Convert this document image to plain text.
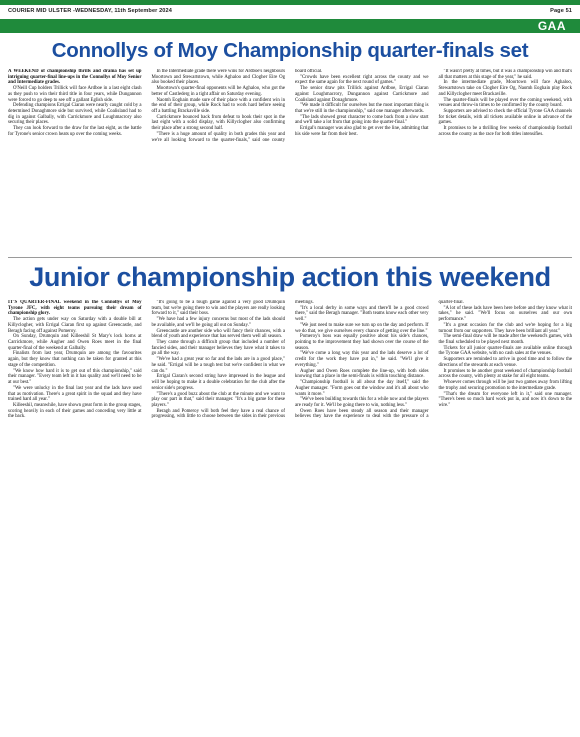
COURIER MID ULSTER -WEDNESDAY, 11th September 2024	Page 51
GAA
Connollys of Moy Championship quarter-finals set

A WEEKEND of championship thrills and drama has set up intriguing quarter-final line-ups in the Connollys of Moy Senior and Intermediate grades.

O'Neill Cup holders Trillick will face Ardboe in a last eight clash as they push to win their third title in four years, while Dungannon were forced to go deep to see off a gallant Eglish side.

Defending champions Errigal Ciaran were nearly caught cold by a determined Donaghmore side but survived, while Coalisland had to dig in against Galbally, with Carrickmore and Loughmacrory also securing their places.

They can look forward to the draw for the last eight, as the battle for Tyrone's senior crown heats up over the coming weeks.

In the Intermediate grade there were wins for Ardboe's neighbours Moortown and Stewartstown, while Aghaloo and Clogher Eire Og also booked their places.

Moortown's quarter-final opponents will be Aghaloo, who got the better of Castlederg in a tight affair on Saturday evening.

Naomh Eoghain made sure of their place with a confident win in the end of their group, while Rock had to work hard before seeing off a battling Brackaville side.

Carrickmore bounced back from defeat to book their spot in the last eight with a solid display, with Killyclogher also confirming their place after a strong second half.

"There is a huge amount of quality in both grades this year and we're all looking forward to the quarter-finals," said one county board official.

"Crowds have been excellent right across the county and we expect the same again for the next round of games."

The senior draw pits Trillick against Ardboe, Errigal Ciaran against Loughmacrory, Dungannon against Carrickmore and Coalisland against Donaghmore.

"We made it difficult for ourselves but the most important thing is that we're still in the championship," said one manager afterwards.

"The lads showed great character to come back from a slow start and we'll take a lot from that going into the quarter-final."

Errigal's manager was also glad to get over the line, admitting that his side were far from their best.

"It wasn't pretty at times, but it was a championship win and that's all that matters at this stage of the year," he said.

In the intermediate grade, Moortown will face Aghaloo, Stewartstown take on Clogher Eire Og, Naomh Eoghain play Rock and Killyclogher meet Brackaville.

The quarter-finals will be played over the coming weekend, with venues and throw-in times to be confirmed by the county board.

Supporters are advised to check the official Tyrone GAA channels for ticket details, with all tickets available online in advance of the games.

It promises to be a thrilling few weeks of championship football across the county as the race for both titles intensifies.

Junior championship action this weekend

IT'S QUARTER-FINAL weekend in the Connollys of Moy Tyrone JFC, with eight teams pursuing their dream of championship glory.

The action gets under way on Saturday with a double bill at Killyclogher, with Errigal Ciaran first up against Greencastle, and Beragh facing off against Pomeroy.

On Sunday, Drumquin and Killeeshil St Mary's lock horns at Carrickmore, while Augher and Owen Roes meet in the final quarter-final of the weekend at Galbally.

Finalists from last year, Drumquin are among the favourites again, but they know that nothing can be taken for granted at this stage of the competition.

"We know how hard it is to get out of this championship," said their manager. "Every team left in it has quality and we'll need to be at our best."

"We were unlucky in the final last year and the lads have used that as motivation. There's a great spirit in the squad and they have trained hard all year."

Killeeshil, meanwhile, have shown great form in the group stages, scoring heavily in each of their games and conceding very little at the back.

"It's going to be a tough game against a very good Drumquin team, but we're going there to win and the players are really looking forward to it," said their boss.

"We have had a few injury concerns but most of the lads should be available, and we'll be going all out on Sunday."

Greencastle are another side who will fancy their chances, with a blend of youth and experience that has served them well all season.

They came through a difficult group that included a number of fancied sides, and their manager believes they have what it takes to go all the way.

"We've had a great year so far and the lads are in a good place," he said. "Errigal will be a tough test but we're confident in what we can do."

Errigal Ciaran's second string have impressed in the league and will be hoping to make it a double celebration for the club after the senior side's progress.

"There's a good buzz about the club at the minute and we want to play our part in that," said their manager. "It's a big game for these players."

Beragh and Pomeroy will both feel they have a real chance of progressing, with little to choose between the sides in their previous meetings.

"It's a local derby in some ways and there'll be a good crowd there," said the Beragh manager. "Both teams know each other very well."

"We just need to make sure we turn up on the day and perform. If we do that, we give ourselves every chance of getting over the line."

Pomeroy's boss was equally positive about his side's chances, pointing to the improvement they had shown over the course of the season.

"We've come a long way this year and the lads deserve a lot of credit for the work they have put in," he said. "We'll give it everything."

Augher and Owen Roes complete the line-up, with both sides knowing that a place in the semi-finals is within touching distance.

"Championship football is all about the day itself," said the Augher manager. "Form goes out the window and it's all about who wants it more."

"We've been building towards this for a while now and the players are ready for it. We'll be going there to win, nothing less."

Owen Roes have been steady all season and their manager believes they have the experience to deal with the pressure of a quarter-final.

"A lot of these lads have been here before and they know what it takes," he said. "We'll focus on ourselves and our own performance."

"It's a great occasion for the club and we're hoping for a big turnout from our supporters. They have been brilliant all year."

The semi-final draw will be made after the weekend's games, with the final scheduled to be played next month.

Tickets for all junior quarter-finals are available online through the Tyrone GAA website, with no cash sales at the venues.

Supporters are reminded to arrive in good time and to follow the directions of the stewards at each venue.

It promises to be another great weekend of championship football across the county, with plenty at stake for all eight teams.

Whoever comes through will be just two games away from lifting the trophy and securing promotion to the intermediate grade.

"That's the dream for everyone left in it," said one manager. "There's been so much hard work put in, and now it's down to the wire."
